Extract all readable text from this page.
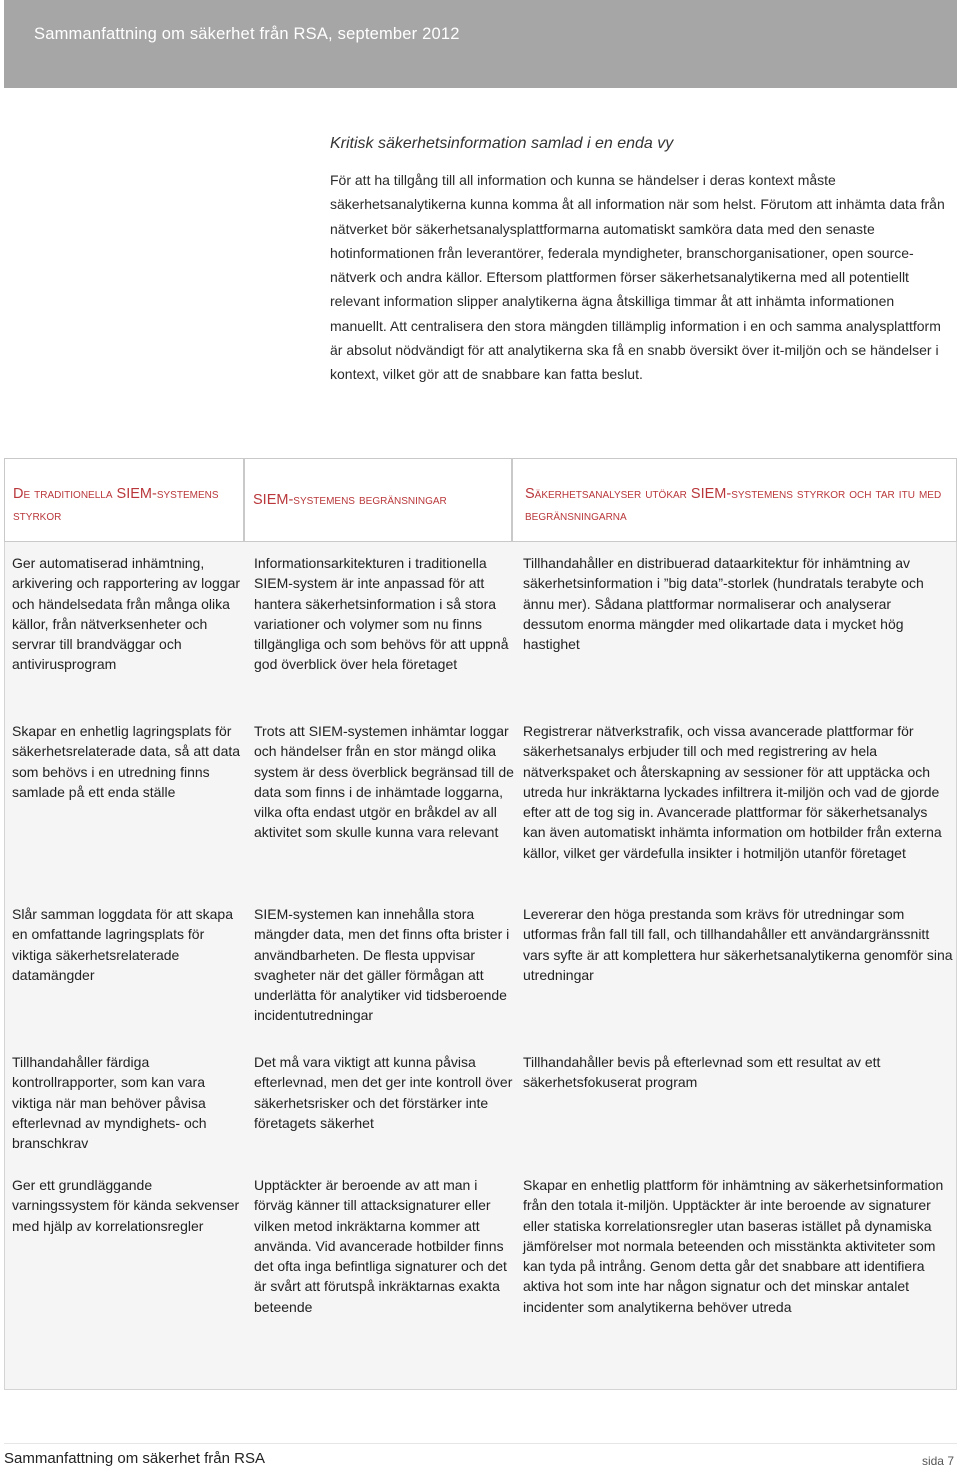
Sammanfattning om säkerhet från RSA, september 2012
Kritisk säkerhetsinformation samlad i en enda vy

För att ha tillgång till all information och kunna se händelser i deras kontext måste säkerhetsanalytikerna kunna komma åt all information när som helst. Förutom att inhämta data från nätverket bör säkerhetsanalysplattformarna automatiskt samköra data med den senaste hotinformationen från leverantörer, federala myndigheter, branschorganisationer, open source-nätverk och andra källor. Eftersom plattformen förser säkerhetsanalytikerna med all potentiellt relevant information slipper analytikerna ägna åtskilliga timmar åt att inhämta informationen manuellt. Att centralisera den stora mängden tillämplig information i en och samma analysplattform är absolut nödvändigt för att analytikerna ska få en snabb översikt över it-miljön och se händelser i kontext, vilket gör att de snabbare kan fatta beslut.

De traditionella SIEM-systemens styrkor
SIEM-systemens begränsningar	Säkerhetsanalyser utökar SIEM-systemens styrkor och tar itu med begränsningarna
Ger automatiserad inhämtning, arkivering och rapportering av loggar och händelsedata från många olika källor, från nätverksenheter och servrar till brandväggar och antivirusprogram
Informationsarkitekturen i traditionella SIEM-system är inte anpassad för att hantera säkerhetsinformation i så stora variationer och volymer som nu finns tillgängliga och som behövs för att uppnå god överblick över hela företaget
Tillhandahåller en distribuerad dataarkitektur för inhämtning av säkerhetsinformation i ”big data”-storlek (hundratals terabyte och ännu mer). Sådana plattformar normaliserar och analyserar dessutom enorma mängder med olikartade data i mycket hög hastighet
Skapar en enhetlig lagringsplats för säkerhetsrelaterade data, så att data som behövs i en utredning finns samlade på ett enda ställe
Trots att SIEM-systemen inhämtar loggar och händelser från en stor mängd olika system är dess överblick begränsad till de data som finns i de inhämtade loggarna, vilka ofta endast utgör en bråkdel av all aktivitet som skulle kunna vara relevant
Registrerar nätverkstrafik, och vissa avancerade plattformar för säkerhetsanalys erbjuder till och med registrering av hela nätverkspaket och återskapning av sessioner för att upptäcka och utreda hur inkräktarna lyckades infiltrera it-miljön och vad de gjorde efter att de tog sig in. Avancerade plattformar för säkerhetsanalys kan även automatiskt inhämta information om hotbilder från externa källor, vilket ger värdefulla insikter i hotmiljön utanför företaget
Slår samman loggdata för att skapa en omfattande lagringsplats för viktiga säkerhetsrelaterade datamängder
SIEM-systemen kan innehålla stora mängder data, men det finns ofta brister i användbarheten. De flesta uppvisar svagheter när det gäller förmågan att underlätta för analytiker vid tidsberoende incidentutredningar
Levererar den höga prestanda som krävs för utredningar som utformas från fall till fall, och tillhandahåller ett användargränssnitt vars syfte är att komplettera hur säkerhetsanalytikerna genomför sina utredningar
Tillhandahåller färdiga kontrollrapporter, som kan vara viktiga när man behöver påvisa efterlevnad av myndighets- och branschkrav
Det må vara viktigt att kunna påvisa efterlevnad, men det ger inte kontroll över säkerhetsrisker och det förstärker inte företagets säkerhet
Tillhandahåller bevis på efterlevnad som ett resultat av ett säkerhetsfokuserat program
Ger ett grundläggande varningssystem för kända sekvenser med hjälp av korrelationsregler
Upptäckter är beroende av att man i förväg känner till attacksignaturer eller vilken metod inkräktarna kommer att använda. Vid avancerade hotbilder finns det ofta inga befintliga signaturer och det är svårt att förutspå inkräktarnas exakta beteende
Skapar en enhetlig plattform för inhämtning av säkerhetsinformation från den totala it-miljön. Upptäckter är inte beroende av signaturer eller statiska korrelationsregler utan baseras istället på dynamiska jämförelser mot normala beteenden och misstänkta aktiviteter som kan tyda på intrång. Genom detta går det snabbare att identifiera aktiva hot som inte har någon signatur och det minskar antalet incidenter som analytikerna behöver utreda
Sammanfattning om säkerhet från RSA	sida 7
